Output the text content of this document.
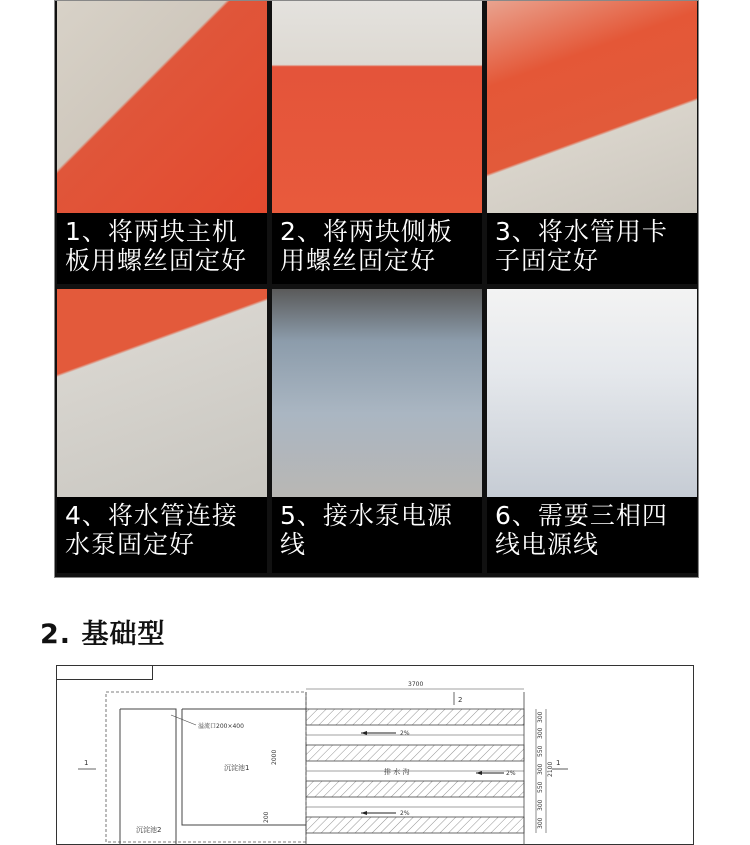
1、将两块主机
板用螺丝固定好
2、将两块侧板
用螺丝固定好
3、将水管用卡
子固定好
4、将水管连接
水泵固定好
5、接水泵电源
线
6、需要三相四
线电源线
2. 基础型
沉淀池1
沉淀池2
溢流口200×400
2000
2%
排 水 沟	2%
2%
3700
2
200
300
300
550
300
550
300
300
2100
1	1
